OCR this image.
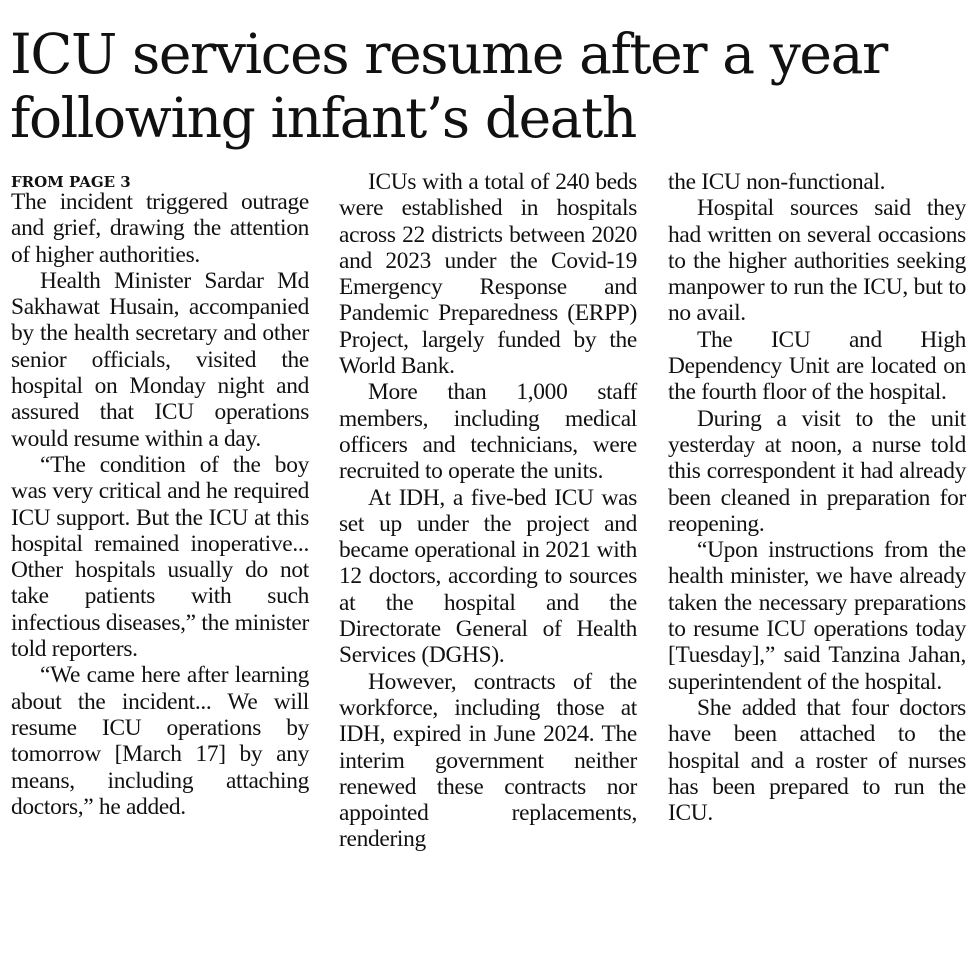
ICU services resume after a year following infant’s death
FROM PAGE 3

The incident triggered outrage and grief, drawing the attention of higher authorities.

Health Minister Sardar Md Sakhawat Husain, accompanied by the health secretary and other senior officials, visited the hospital on Monday night and assured that ICU operations would resume within a day.

“The condition of the boy was very critical and he required ICU support. But the ICU at this hospital remained inoperative... Other hospitals usually do not take patients with such infectious diseases,” the minister told reporters.

“We came here after learning about the incident... We will resume ICU operations by tomorrow [March 17] by any means, including attaching doctors,” he added.

ICUs with a total of 240 beds were established in hospitals across 22 districts between 2020 and 2023 under the Covid-19 Emergency Response and Pandemic Preparedness (ERPP) Project, largely funded by the World Bank.

More than 1,000 staff members, including medical officers and technicians, were recruited to operate the units.

At IDH, a five-bed ICU was set up under the project and became operational in 2021 with 12 doctors, according to sources at the hospital and the Directorate General of Health Services (DGHS).

However, contracts of the workforce, including those at IDH, expired in June 2024. The interim government neither renewed these contracts nor appointed replacements, rendering

the ICU non-functional.

Hospital sources said they had written on several occasions to the higher authorities seeking manpower to run the ICU, but to no avail.

The ICU and High Dependency Unit are located on the fourth floor of the hospital.

During a visit to the unit yesterday at noon, a nurse told this correspondent it had already been cleaned in preparation for reopening.

“Upon instructions from the health minister, we have already taken the necessary preparations to resume ICU operations today [Tuesday],” said Tanzina Jahan, superintendent of the hospital.

She added that four doctors have been attached to the hospital and a roster of nurses has been prepared to run the ICU.
